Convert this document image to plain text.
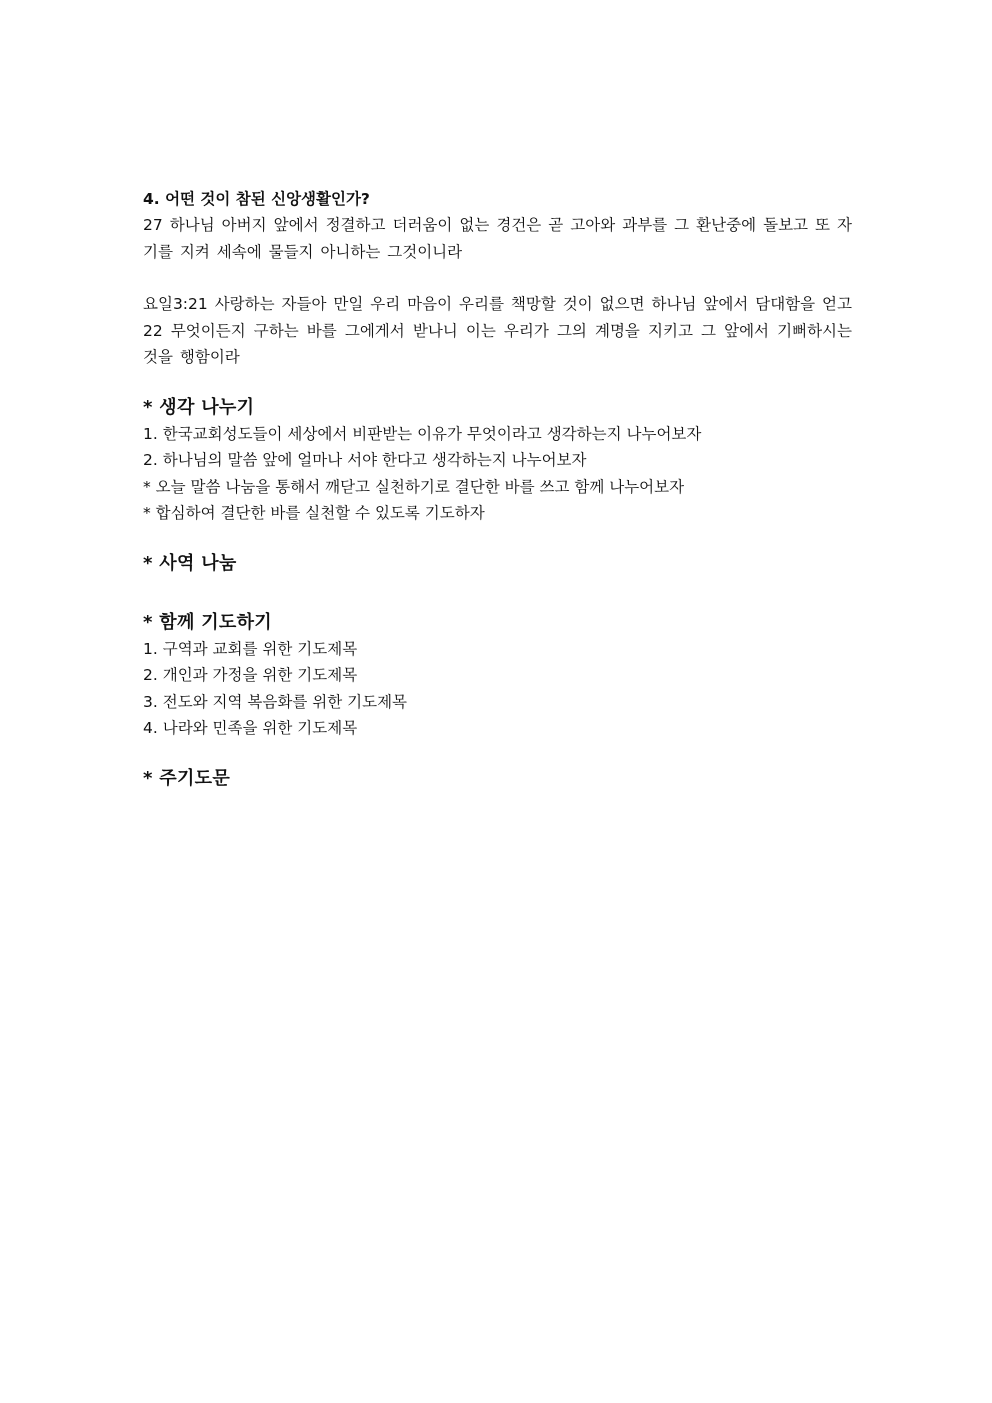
4. 어떤 것이 참된 신앙생활인가?

27 하나님 아버지 앞에서 정결하고 더러움이 없는 경건은 곧 고아와 과부를 그 환난중에 돌보고 또 자기를 지켜 세속에 물들지 아니하는 그것이니라

요일3:21 사랑하는 자들아 만일 우리 마음이 우리를 책망할 것이 없으면 하나님 앞에서 담대함을 얻고 22 무엇이든지 구하는 바를 그에게서 받나니 이는 우리가 그의 계명을 지키고 그 앞에서 기뻐하시는 것을 행함이라

* 생각 나누기
1. 한국교회성도들이 세상에서 비판받는 이유가 무엇이라고 생각하는지 나누어보자
2. 하나님의 말씀 앞에 얼마나 서야 한다고 생각하는지 나누어보자
* 오늘 말씀 나눔을 통해서 깨닫고 실천하기로 결단한 바를 쓰고 함께 나누어보자
* 합심하여 결단한 바를 실천할 수 있도록 기도하자
* 사역 나눔
* 함께 기도하기
1. 구역과 교회를 위한 기도제목
2. 개인과 가정을 위한 기도제목
3. 전도와 지역 복음화를 위한 기도제목
4. 나라와 민족을 위한 기도제목
* 주기도문
